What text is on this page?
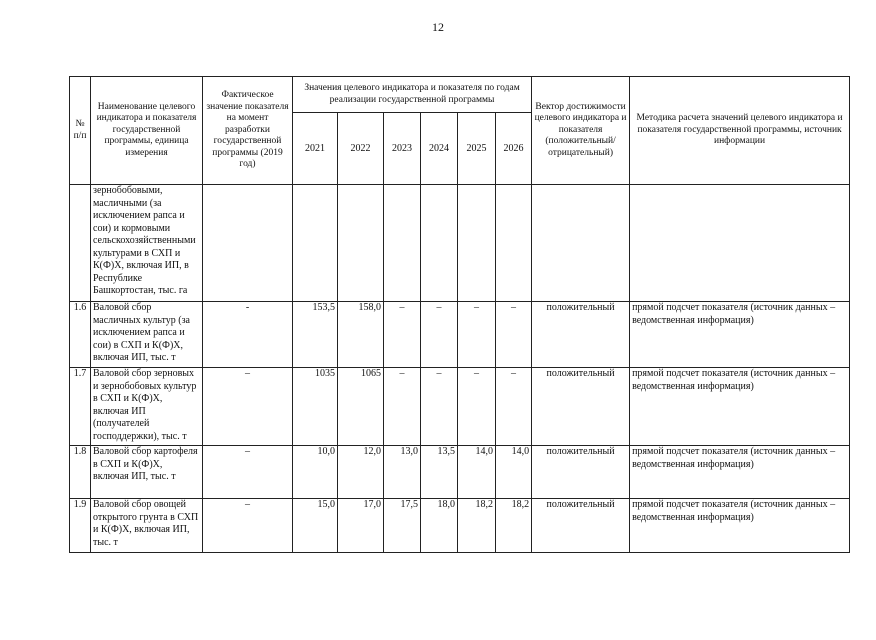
12
№ п/п	Наименование целевого индикатора и показателя государственной программы, единица измерения	Фактическое значение показателя на момент разработки государственной программы (2019 год)	Значения целевого индикатора и показателя по годам реализации государственной программы						Вектор достижимости целевого индикатора и показателя (положительный/ отрицательный)	Методика расчета значений целевого индикатора и показателя государственной программы, источник информации
			2021	2022	2023	2024	2025	2026		
	зернобобовыми, масличными (за исключением рапса и сои) и кормовыми сельскохозяйственными культурами в СХП и К(Ф)Х, включая ИП, в Республике Башкортостан, тыс. га									
1.6	Валовой сбор масличных культур (за исключением рапса и сои) в СХП и К(Ф)Х, включая ИП, тыс. т	-	153,5	158,0	–	–	–	–	положительный	прямой подсчет показателя (источник данных – ведомственная информация)
1.7	Валовой сбор зерновых и зернобобовых культур в СХП и К(Ф)Х, включая ИП (получателей господдержки), тыс. т	–	1035	1065	–	–	–	–	положительный	прямой подсчет показателя (источник данных – ведомственная информация)
1.8	Валовой сбор картофеля в СХП и К(Ф)Х, включая ИП, тыс. т	–	10,0	12,0	13,0	13,5	14,0	14,0	положительный	прямой подсчет показателя (источник данных – ведомственная информация)
1.9	Валовой сбор овощей открытого грунта в СХП и К(Ф)Х, включая ИП, тыс. т	–	15,0	17,0	17,5	18,0	18,2	18,2	положительный	прямой подсчет показателя (источник данных – ведомственная информация)
